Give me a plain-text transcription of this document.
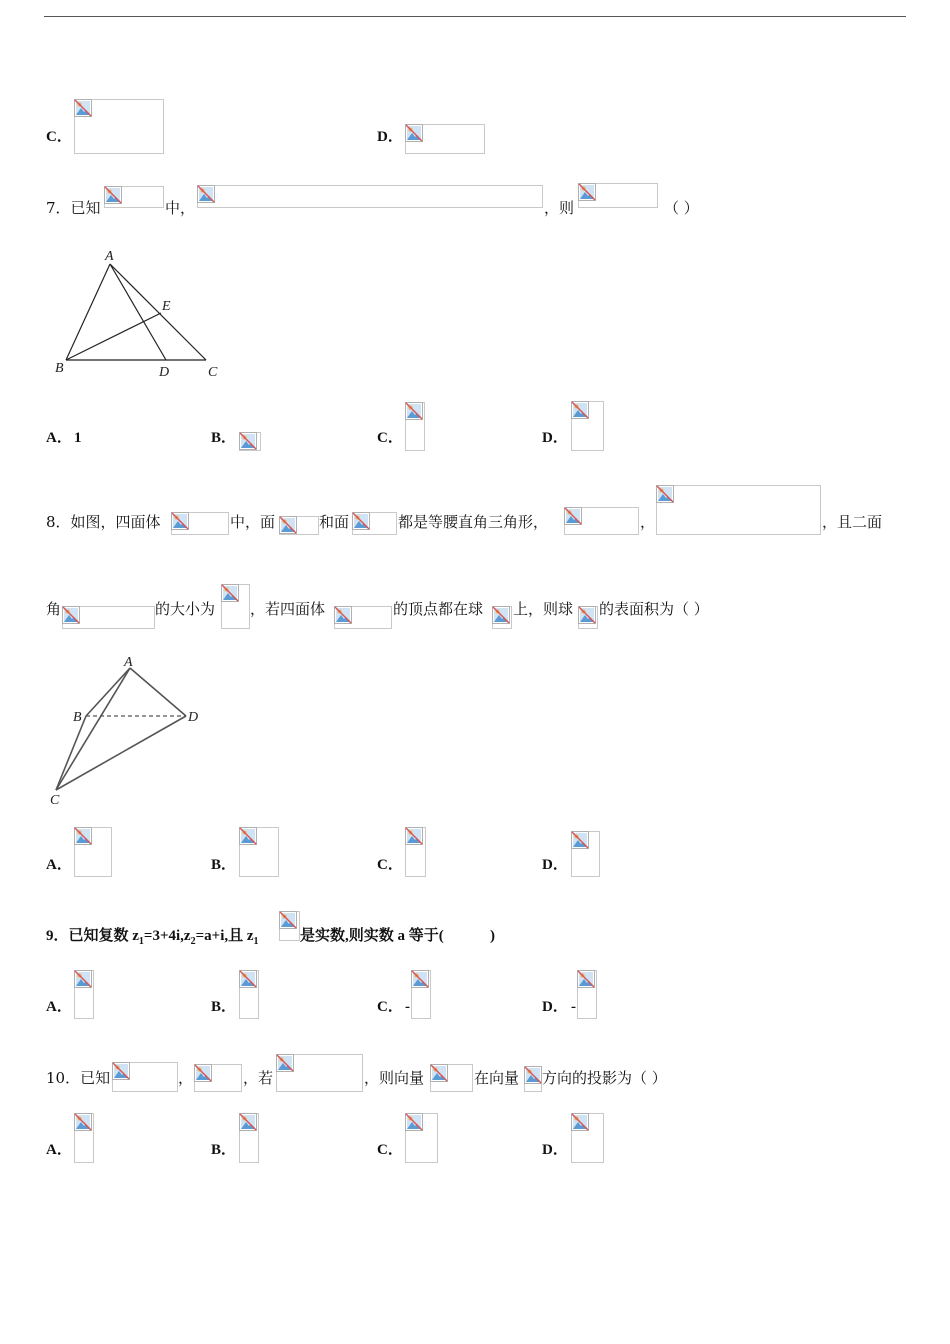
C．	D．
7．已知	中，	，则	（ ）
A
E
B	D	C
A． 1	B．	C．	D．
8．如图，四面体	中，面	和面	都是等腰直角三角形，	，	，且二面
角	的大小为 ，若四面体	的顶点都在球 上，则球 的表面积为（ ）
A
B	D
C
A．	B．	C．	D．
9．已知复数 $z_1=3+4i,z_2=a+i$,且 $z_1$	是实数,则实数 a 等于(	)
A．	B．	C． -	D． -
10．已知	，	，若	，则向量	在向量 方向的投影为（ ）
A．	B．	C．	D．
